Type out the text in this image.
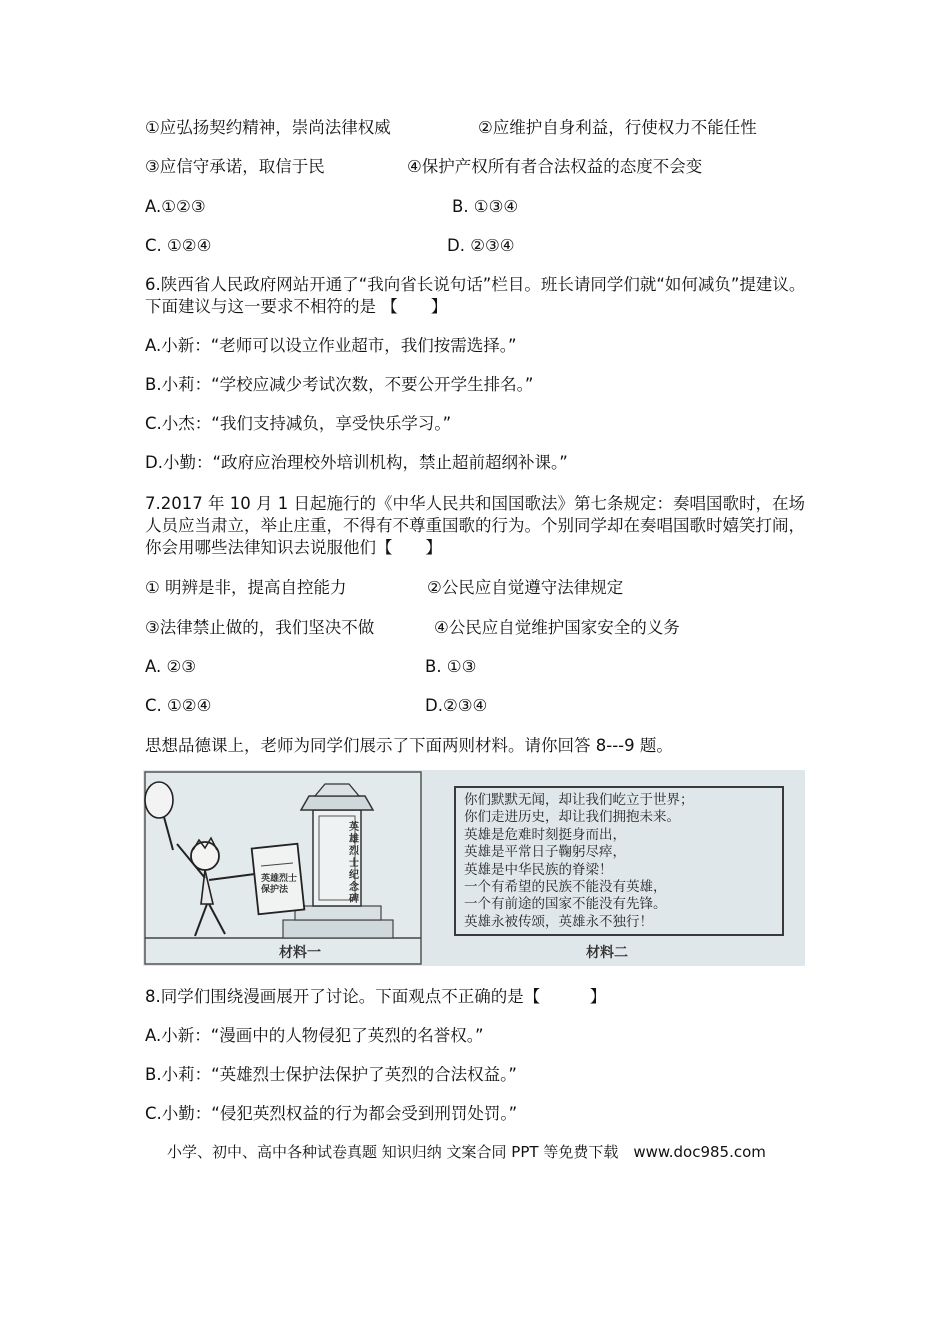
①应弘扬契约精神，崇尚法律权威	②应维护自身利益，行使权力不能任性
③应信守承诺，取信于民	④保护产权所有者合法权益的态度不会变
A.①②③	B. ①③④
C. ①②④	D. ②③④
6.陕西省人民政府网站开通了“我向省长说句话”栏目。班长请同学们就“如何减负”提建议。下面建议与这一要求不相符的是 【　　】
A.小新：“老师可以设立作业超市，我们按需选择。”
B.小莉：“学校应减少考试次数，不要公开学生排名。”
C.小杰：“我们支持减负，享受快乐学习。”
D.小勤：“政府应治理校外培训机构，禁止超前超纲补课。”
7.2017 年 10 月 1 日起施行的《中华人民共和国国歌法》第七条规定：奏唱国歌时，在场人员应当肃立，举止庄重，不得有不尊重国歌的行为。个别同学却在奏唱国歌时嬉笑打闹，你会用哪些法律知识去说服他们【　　】
① 明辨是非，提高自控能力	②公民应自觉遵守法律规定
③法律禁止做的，我们坚决不做	④公民应自觉维护国家安全的义务
A. ②③	B. ①③
C. ①②④	D.②③④
思想品德课上，老师为同学们展示了下面两则材料。请你回答 8---9 题。
英雄烈士纪念碑
英雄烈士保护法
材料一
你们默默无闻，却让我们屹立于世界；
你们走进历史，却让我们拥抱未来。
英雄是危难时刻挺身而出，
英雄是平常日子鞠躬尽瘁，
英雄是中华民族的脊梁！
一个有希望的民族不能没有英雄，
一个有前途的国家不能没有先锋。
英雄永被传颂，英雄永不独行！
材料二
8.同学们围绕漫画展开了讨论。下面观点不正确的是【　　　】
A.小新：“漫画中的人物侵犯了英烈的名誉权。”
B.小莉：“英雄烈士保护法保护了英烈的合法权益。”
C.小勤：“侵犯英烈权益的行为都会受到刑罚处罚。”
小学、初中、高中各种试卷真题 知识归纳 文案合同 PPT 等免费下载　www.doc985.com
